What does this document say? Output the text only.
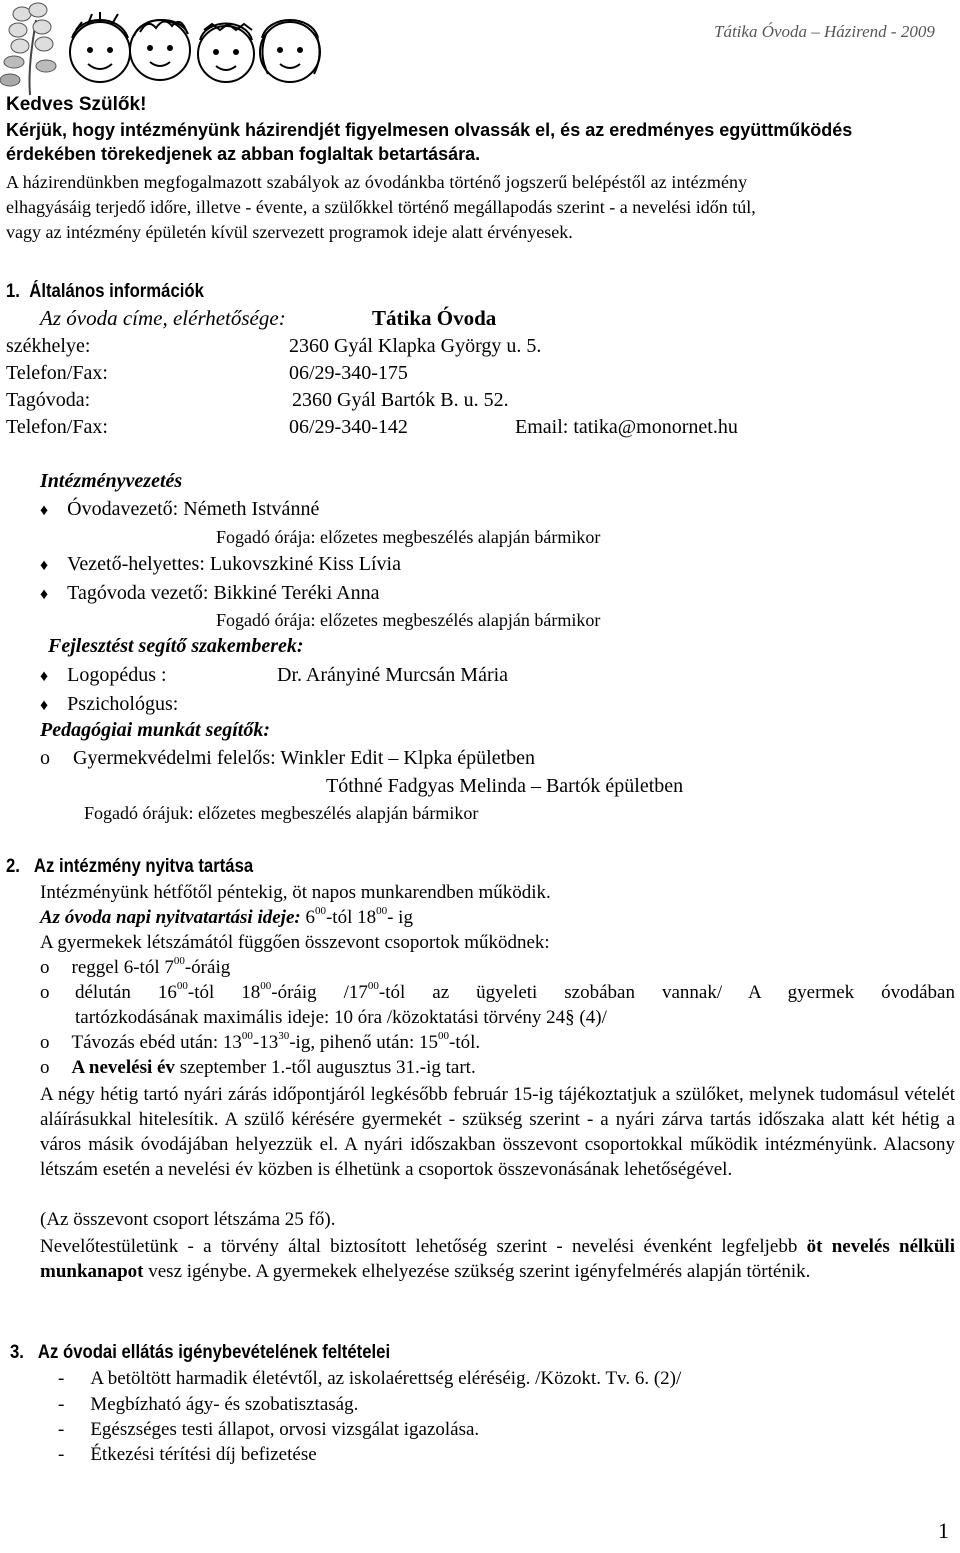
Tátika Óvoda – Házirend - 2009
Kedves Szülők!
Kérjük, hogy intézményünk házirendjét figyelmesen olvassák el, és az eredményes együttműködés
érdekében törekedjenek az abban foglaltak betartására.
A házirendünkben megfogalmazott szabályok az óvodánkba történő jogszerű belépéstől az intézmény
elhagyásáig terjedő időre, illetve - évente, a szülőkkel történő megállapodás szerint - a nevelési időn túl,
vagy az intézmény épületén kívül szervezett programok ideje alatt érvényesek.
1. Általános információk
Az óvoda címe, elérhetősége:	Tátika Óvoda
székhelye:	2360 Gyál Klapka György u. 5.
Telefon/Fax:	06/29-340-175
Tagóvoda:	2360 Gyál Bartók B. u. 52.
Telefon/Fax:	06/29-340-142	Email: tatika@monornet.hu
Intézményvezetés
♦ Óvodavezető: Németh Istvánné
Fogadó órája: előzetes megbeszélés alapján bármikor
♦ Vezető-helyettes: Lukovszkiné Kiss Lívia
♦ Tagóvoda vezető: Bikkiné Teréki Anna
Fogadó órája: előzetes megbeszélés alapján bármikor
Fejlesztést segítő szakemberek:
♦ Logopédus :	Dr. Arányiné Murcsán Mária
♦ Pszichológus:
Pedagógiai munkát segítők:
o Gyermekvédelmi felelős: Winkler Edit – Klpka épületben
Tóthné Fadgyas Melinda – Bartók épületben
Fogadó órájuk: előzetes megbeszélés alapján bármikor
2. Az intézmény nyitva tartása
Intézményünk hétfőtől péntekig, öt napos munkarendben működik.
Az óvoda napi nyitvatartási ideje: $6^{00}$-tól $18^{00}-$ ig
A gyermekek létszámától függően összevont csoportok működnek:
o reggel 6-tól $7^{00}$-óráig
o délután $16^{00}$-tól $18^{00}$-óráig $/17^{00}$-tól az ügyeleti szobában vannak/ A gyermek óvodában
tartózkodásának maximális ideje: 10 óra /közoktatási törvény 24§ (4)/
o Távozás ebéd után: $13^{00}-13^{30}-ig$, pihenő után: $15^{00}$-tól.
o A nevelési év szeptember 1.-től augusztus 31.-ig tart.
A négy hétig tartó nyári zárás időpontjáról legkésőbb február 15-ig tájékoztatjuk a szülőket, melynek tudomásul vételét aláírásukkal hitelesítik. A szülő kérésére gyermekét - szükség szerint - a nyári zárva tartás időszaka alatt két hétig a város másik óvodájában helyezzük el. A nyári időszakban összevont csoportokkal működik intézményünk. Alacsony létszám esetén a nevelési év közben is élhetünk a csoportok összevonásának lehetőségével.
(Az összevont csoport létszáma 25 fő).
Nevelőtestületünk - a törvény által biztosított lehetőség szerint - nevelési évenként legfeljebb öt nevelés nélküli munkanapot vesz igénybe. A gyermekek elhelyezése szükség szerint igényfelmérés alapján történik.
3. Az óvodai ellátás igénybevételének feltételei
- A betöltött harmadik életévtől, az iskolaérettség eléréséig. /Közokt. Tv. 6. (2)/
- Megbízható ágy- és szobatisztaság.
- Egészséges testi állapot, orvosi vizsgálat igazolása.
- Étkezési térítési díj befizetése
1
